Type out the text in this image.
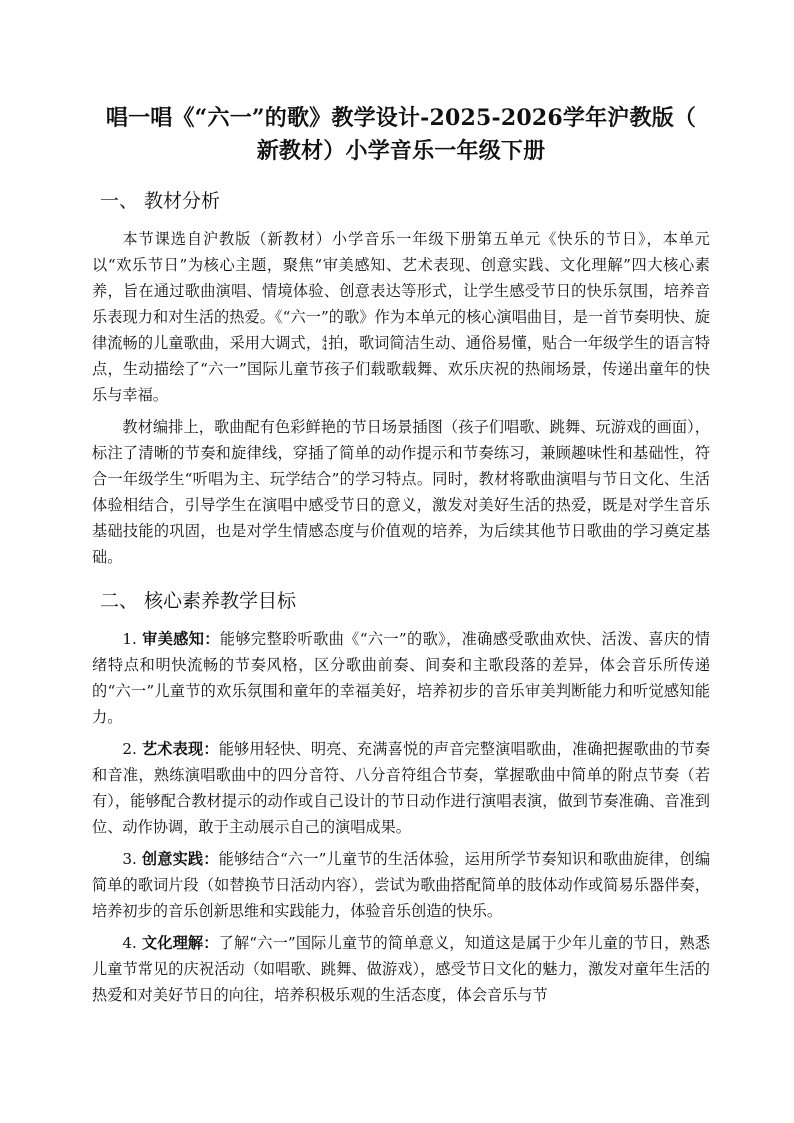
唱一唱《“六一”的歌》教学设计-2025-2026学年沪教版（
新教材）小学音乐一年级下册
一、 教材分析

本节课选自沪教版（新教材）小学音乐一年级下册第五单元《快乐的节日》，本单元以“欢乐节日”为核心主题，聚焦“审美感知、艺术表现、创意实践、文化理解”四大核心素养，旨在通过歌曲演唱、情境体验、创意表达等形式，让学生感受节日的快乐氛围，培养音乐表现力和对生活的热爱。《“六一”的歌》作为本单元的核心演唱曲目，是一首节奏明快、旋律流畅的儿童歌曲，采用大调式， 4
4 拍，歌词简洁生动、通俗易懂，贴合一年级学生的语言特点，生动描绘了“六一”国际儿童节孩子们载歌载舞、欢乐庆祝的热闹场景，传递出童年的快乐与幸福。

教材编排上，歌曲配有色彩鲜艳的节日场景插图（孩子们唱歌、跳舞、玩游戏的画面），标注了清晰的节奏和旋律线，穿插了简单的动作提示和节奏练习，兼顾趣味性和基础性，符合一年级学生“听唱为主、玩学结合”的学习特点。同时，教材将歌曲演唱与节日文化、生活体验相结合，引导学生在演唱中感受节日的意义，激发对美好生活的热爱，既是对学生音乐基础技能的巩固，也是对学生情感态度与价值观的培养，为后续其他节日歌曲的学习奠定基础。

二、 核心素养教学目标

1. 审美感知：能够完整聆听歌曲《“六一”的歌》，准确感受歌曲欢快、活泼、喜庆的情绪特点和明快流畅的节奏风格，区分歌曲前奏、间奏和主歌段落的差异，体会音乐所传递的“六一”儿童节的欢乐氛围和童年的幸福美好，培养初步的音乐审美判断能力和听觉感知能力。

2. 艺术表现：能够用轻快、明亮、充满喜悦的声音完整演唱歌曲，准确把握歌曲的节奏和音准，熟练演唱歌曲中的四分音符、八分音符组合节奏，掌握歌曲中简单的附点节奏（若有），能够配合教材提示的动作或自己设计的节日动作进行演唱表演，做到节奏准确、音准到位、动作协调，敢于主动展示自己的演唱成果。

3. 创意实践：能够结合“六一”儿童节的生活体验，运用所学节奏知识和歌曲旋律，创编简单的歌词片段（如替换节日活动内容），尝试为歌曲搭配简单的肢体动作或简易乐器伴奏，培养初步的音乐创新思维和实践能力，体验音乐创造的快乐。

4. 文化理解：了解“六一”国际儿童节的简单意义，知道这是属于少年儿童的节日，熟悉儿童节常见的庆祝活动（如唱歌、跳舞、做游戏），感受节日文化的魅力，激发对童年生活的热爱和对美好节日的向往，培养积极乐观的生活态度，体会音乐与节
